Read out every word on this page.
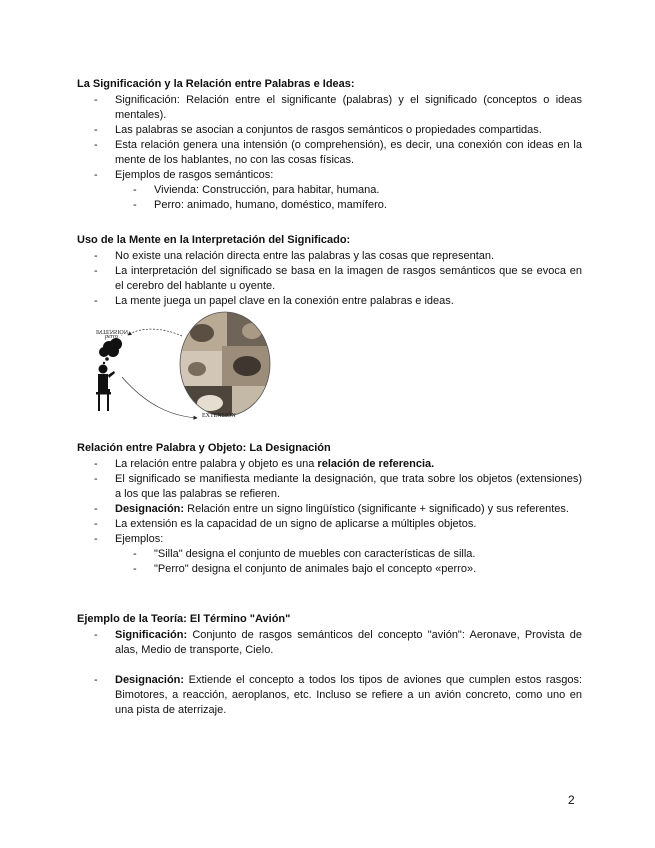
La Significación y la Relación entre Palabras e Ideas:
- Significación: Relación entre el significante (palabras) y el significado (conceptos o ideas mentales).
- Las palabras se asocian a conjuntos de rasgos semánticos o propiedades compartidas.
- Esta relación genera una intensión (o comprehensión), es decir, una conexión con ideas en la mente de los hablantes, no con las cosas físicas.
- Ejemplos de rasgos semánticos:
- Vivienda: Construcción, para habitar, humana.
- Perro: animado, humano, doméstico, mamífero.
Uso de la Mente en la Interpretación del Significado:
- No existe una relación directa entre las palabras y las cosas que representan.
- La interpretación del significado se basa en la imagen de rasgos semánticos que se evoca en el cerebro del hablante u oyente.
- La mente juega un papel clave en la conexión entre palabras e ideas.
INTENSIÓN
perro
EXTENSIÓN
Relación entre Palabra y Objeto: La Designación
- La relación entre palabra y objeto es una relación de referencia.
- El significado se manifiesta mediante la designación, que trata sobre los objetos (extensiones) a los que las palabras se refieren.
- Designación: Relación entre un signo lingüístico (significante + significado) y sus referentes.
- La extensión es la capacidad de un signo de aplicarse a múltiples objetos.
- Ejemplos:
- "Silla" designa el conjunto de muebles con características de silla.
- "Perro" designa el conjunto de animales bajo el concepto «perro».
Ejemplo de la Teoría: El Término "Avión"
- Significación: Conjunto de rasgos semánticos del concepto "avión": Aeronave, Provista de alas, Medio de transporte, Cielo.
- Designación: Extiende el concepto a todos los tipos de aviones que cumplen estos rasgos: Bimotores, a reacción, aeroplanos, etc. Incluso se refiere a un avión concreto, como uno en una pista de aterrizaje.
2
